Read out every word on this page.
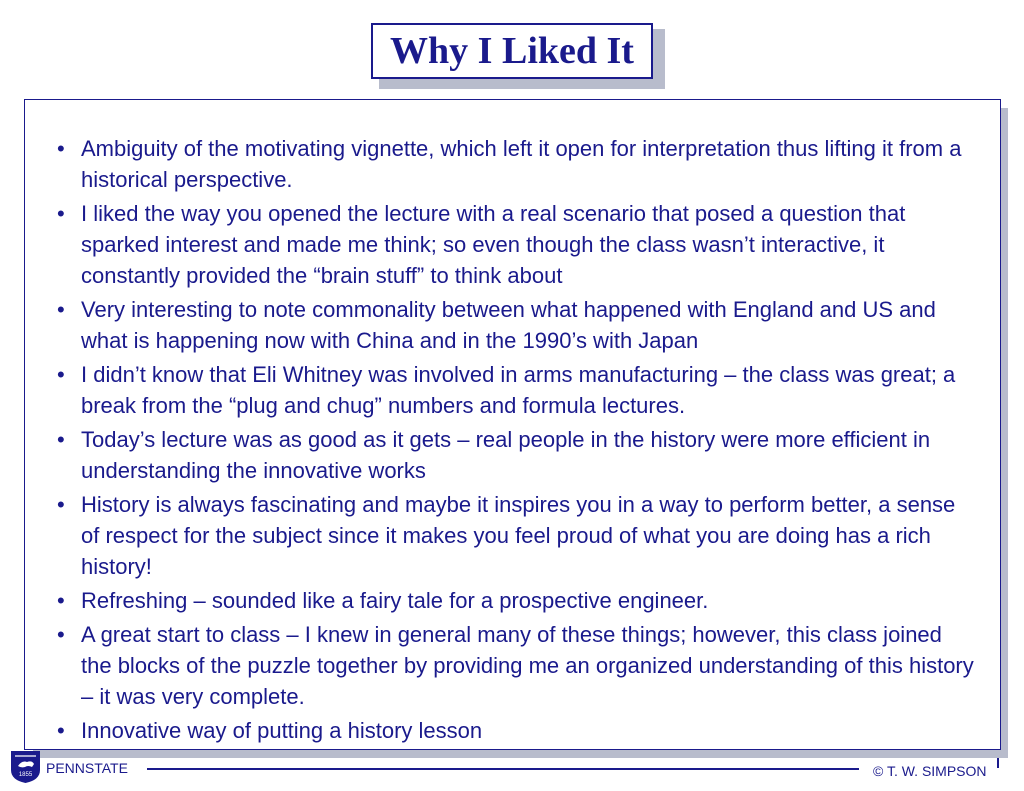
Why I Liked It
• Ambiguity of the motivating vignette, which left it open for interpretation thus lifting it from a historical perspective.
• I liked the way you opened the lecture with a real scenario that posed a question that sparked interest and made me think; so even though the class wasn’t interactive, it constantly provided the “brain stuff” to think about
• Very interesting to note commonality between what happened with England and US and what is happening now with China and in the 1990’s with Japan
• I didn’t know that Eli Whitney was involved in arms manufacturing – the class was great; a break from the “plug and chug” numbers and formula lectures.
• Today’s lecture was as good as it gets – real people in the history were more efficient in understanding the innovative works
• History is always fascinating and maybe it inspires you in a way to perform better, a sense of respect for the subject since it makes you feel proud of what you are doing has a rich history!
• Refreshing – sounded like a fairy tale for a prospective engineer.
• A great start to class – I knew in general many of these things; however, this class joined the blocks of the puzzle together by providing me an organized understanding of this history – it was very complete.
• Innovative way of putting a history lesson
1855 PENNSTATE	© T. W. SIMPSON
